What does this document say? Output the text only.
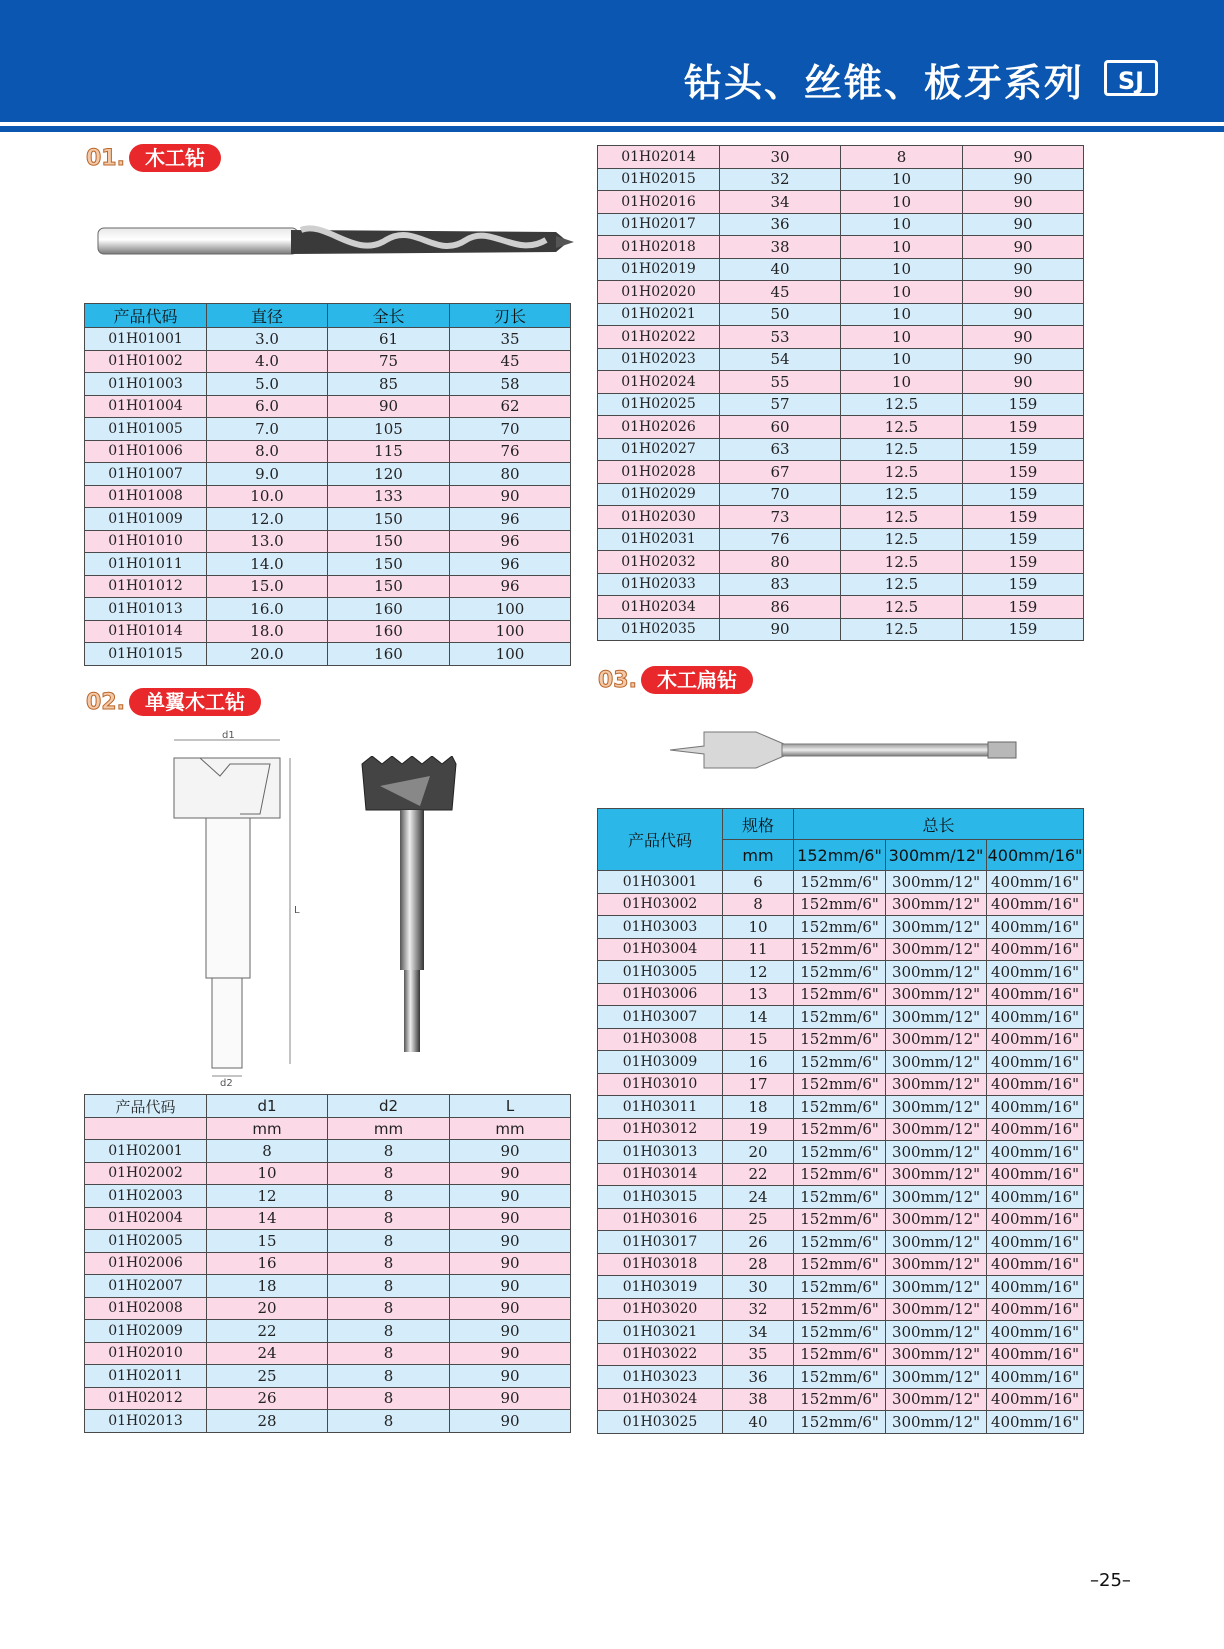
钻头、丝锥、板牙系列	SJ
01.	木工钻
产品代码	直径	全长	刃长
01H01001	3.0	61	35
01H01002	4.0	75	45
01H01003	5.0	85	58
01H01004	6.0	90	62
01H01005	7.0	105	70
01H01006	8.0	115	76
01H01007	9.0	120	80
01H01008	10.0	133	90
01H01009	12.0	150	96
01H01010	13.0	150	96
01H01011	14.0	150	96
01H01012	15.0	150	96
01H01013	16.0	160	100
01H01014	18.0	160	100
01H01015	20.0	160	100
02.	单翼木工钻
d1
L
d2
产品代码	d1	d2	L
	mm	mm	mm
01H02001	8	8	90
01H02002	10	8	90
01H02003	12	8	90
01H02004	14	8	90
01H02005	15	8	90
01H02006	16	8	90
01H02007	18	8	90
01H02008	20	8	90
01H02009	22	8	90
01H02010	24	8	90
01H02011	25	8	90
01H02012	26	8	90
01H02013	28	8	90
01H02014	30	8	90
01H02015	32	10	90
01H02016	34	10	90
01H02017	36	10	90
01H02018	38	10	90
01H02019	40	10	90
01H02020	45	10	90
01H02021	50	10	90
01H02022	53	10	90
01H02023	54	10	90
01H02024	55	10	90
01H02025	57	12.5	159
01H02026	60	12.5	159
01H02027	63	12.5	159
01H02028	67	12.5	159
01H02029	70	12.5	159
01H02030	73	12.5	159
01H02031	76	12.5	159
01H02032	80	12.5	159
01H02033	83	12.5	159
01H02034	86	12.5	159
01H02035	90	12.5	159
03.	木工扁钻
产品代码	规格	总长		
	mm	152mm/6"	300mm/12"	400mm/16"
01H03001	6	152mm/6"	300mm/12"	400mm/16"
01H03002	8	152mm/6"	300mm/12"	400mm/16"
01H03003	10	152mm/6"	300mm/12"	400mm/16"
01H03004	11	152mm/6"	300mm/12"	400mm/16"
01H03005	12	152mm/6"	300mm/12"	400mm/16"
01H03006	13	152mm/6"	300mm/12"	400mm/16"
01H03007	14	152mm/6"	300mm/12"	400mm/16"
01H03008	15	152mm/6"	300mm/12"	400mm/16"
01H03009	16	152mm/6"	300mm/12"	400mm/16"
01H03010	17	152mm/6"	300mm/12"	400mm/16"
01H03011	18	152mm/6"	300mm/12"	400mm/16"
01H03012	19	152mm/6"	300mm/12"	400mm/16"
01H03013	20	152mm/6"	300mm/12"	400mm/16"
01H03014	22	152mm/6"	300mm/12"	400mm/16"
01H03015	24	152mm/6"	300mm/12"	400mm/16"
01H03016	25	152mm/6"	300mm/12"	400mm/16"
01H03017	26	152mm/6"	300mm/12"	400mm/16"
01H03018	28	152mm/6"	300mm/12"	400mm/16"
01H03019	30	152mm/6"	300mm/12"	400mm/16"
01H03020	32	152mm/6"	300mm/12"	400mm/16"
01H03021	34	152mm/6"	300mm/12"	400mm/16"
01H03022	35	152mm/6"	300mm/12"	400mm/16"
01H03023	36	152mm/6"	300mm/12"	400mm/16"
01H03024	38	152mm/6"	300mm/12"	400mm/16"
01H03025	40	152mm/6"	300mm/12"	400mm/16"
–25–
